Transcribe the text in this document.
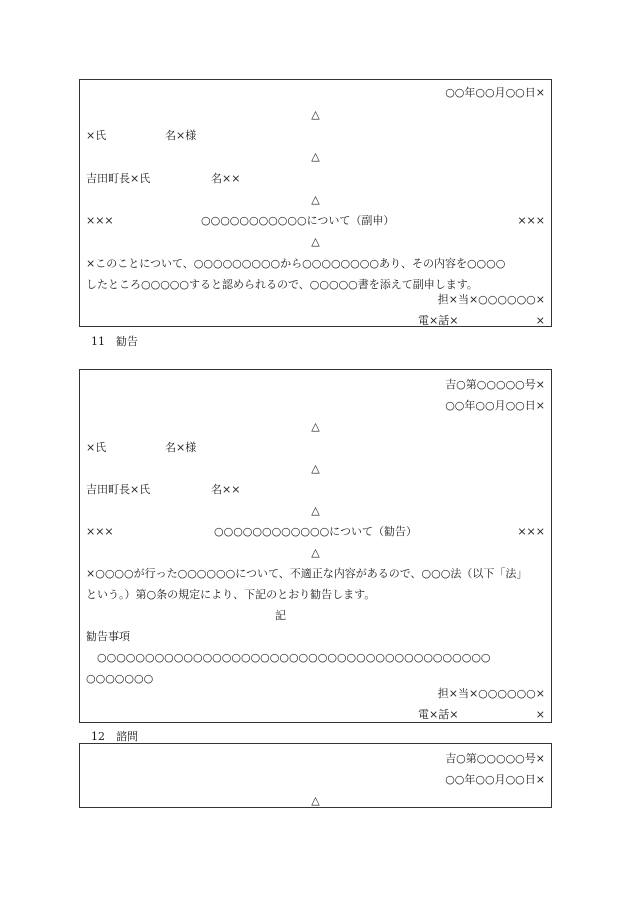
○○年○○月○○日×
△
×氏	名×様
△
吉田町長×氏	名××
△
×××	○○○○○○○○○○○について（副申）	×××
△
×このことについて、○○○○○○○○○から○○○○○○○○あり、その内容を○○○○
したところ○○○○○すると認められるので、○○○○○書を添えて副申します。
担×当×○○○○○○×
電×話×	×
11　勧告
吉○第○○○○○号×
○○年○○月○○日×
△
×氏	名×様
△
吉田町長×氏	名××
△
×××	○○○○○○○○○○○○について（勧告）	×××
△
×○○○○が行った○○○○○○について、不適正な内容があるので、○○○法（以下「法」
という。）第○条の規定により、下記のとおり勧告します。
記
勧告事項
○○○○○○○○○○○○○○○○○○○○○○○○○○○○○○○○○○○○○○○○○
○○○○○○○
担×当×○○○○○○×
電×話×	×
12　諮問
吉○第○○○○○号×
○○年○○月○○日×
△
